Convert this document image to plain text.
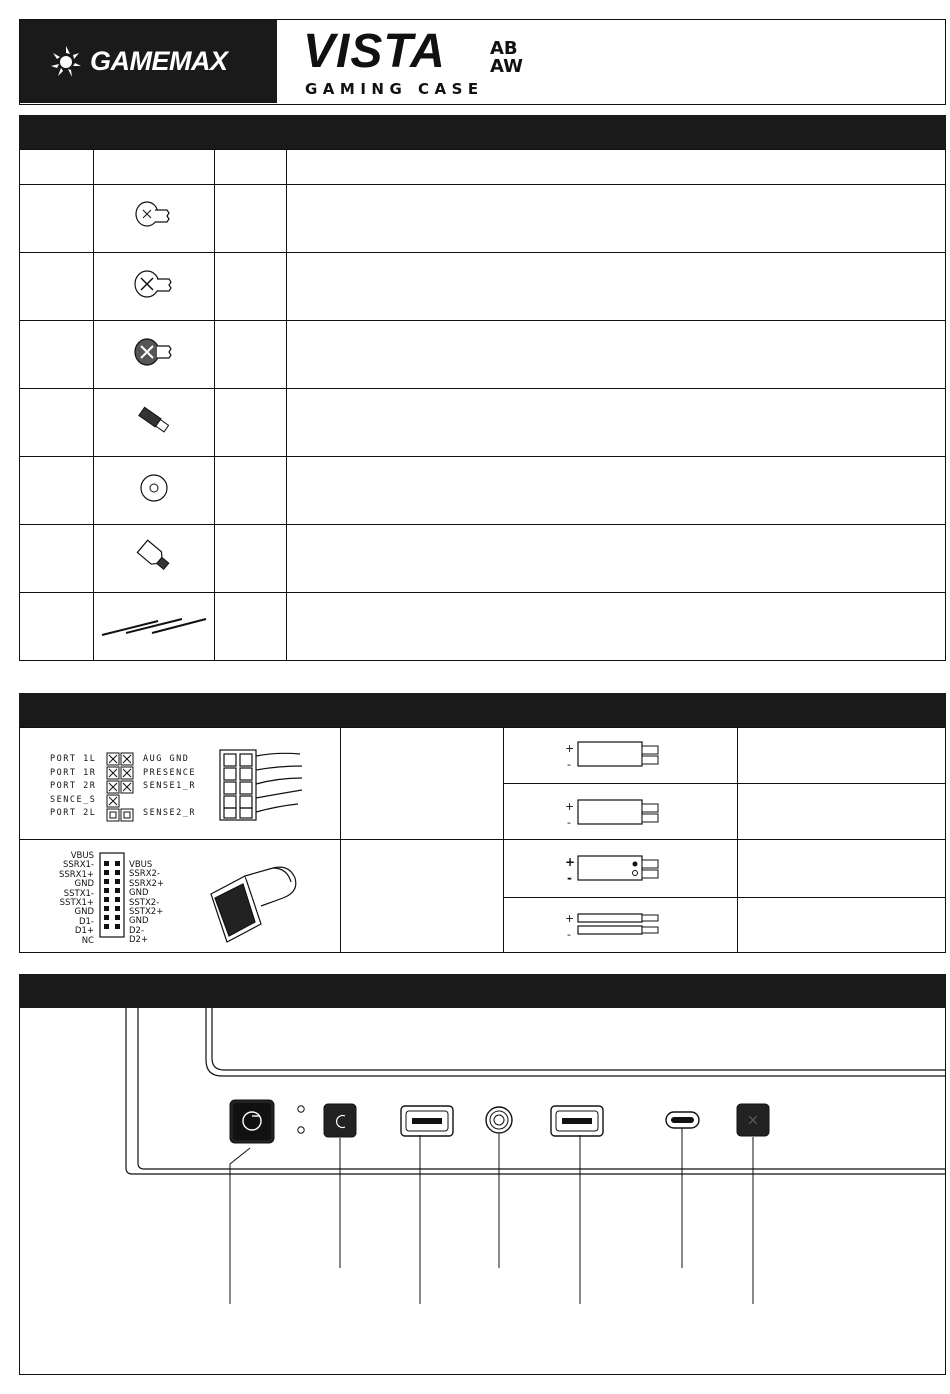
GAMEMAX VISTA AB
AW
GAMING CASE

PORT 1L
PORT 1R
PORT 2R
SENCE_S
PORT 2L
AUG GND
PRESENCE
SENSE1_R
SENSE2_R
VBUS
SSRX1-
SSRX1+
GND
SSTX1-
SSTX1+
GND
D1-
D1+
NC
VBUS
SSRX2-
SSRX2+
GND
SSTX2-
SSTX2+
GND
D2-
D2+
+
-
+
-
+
-
+
-
